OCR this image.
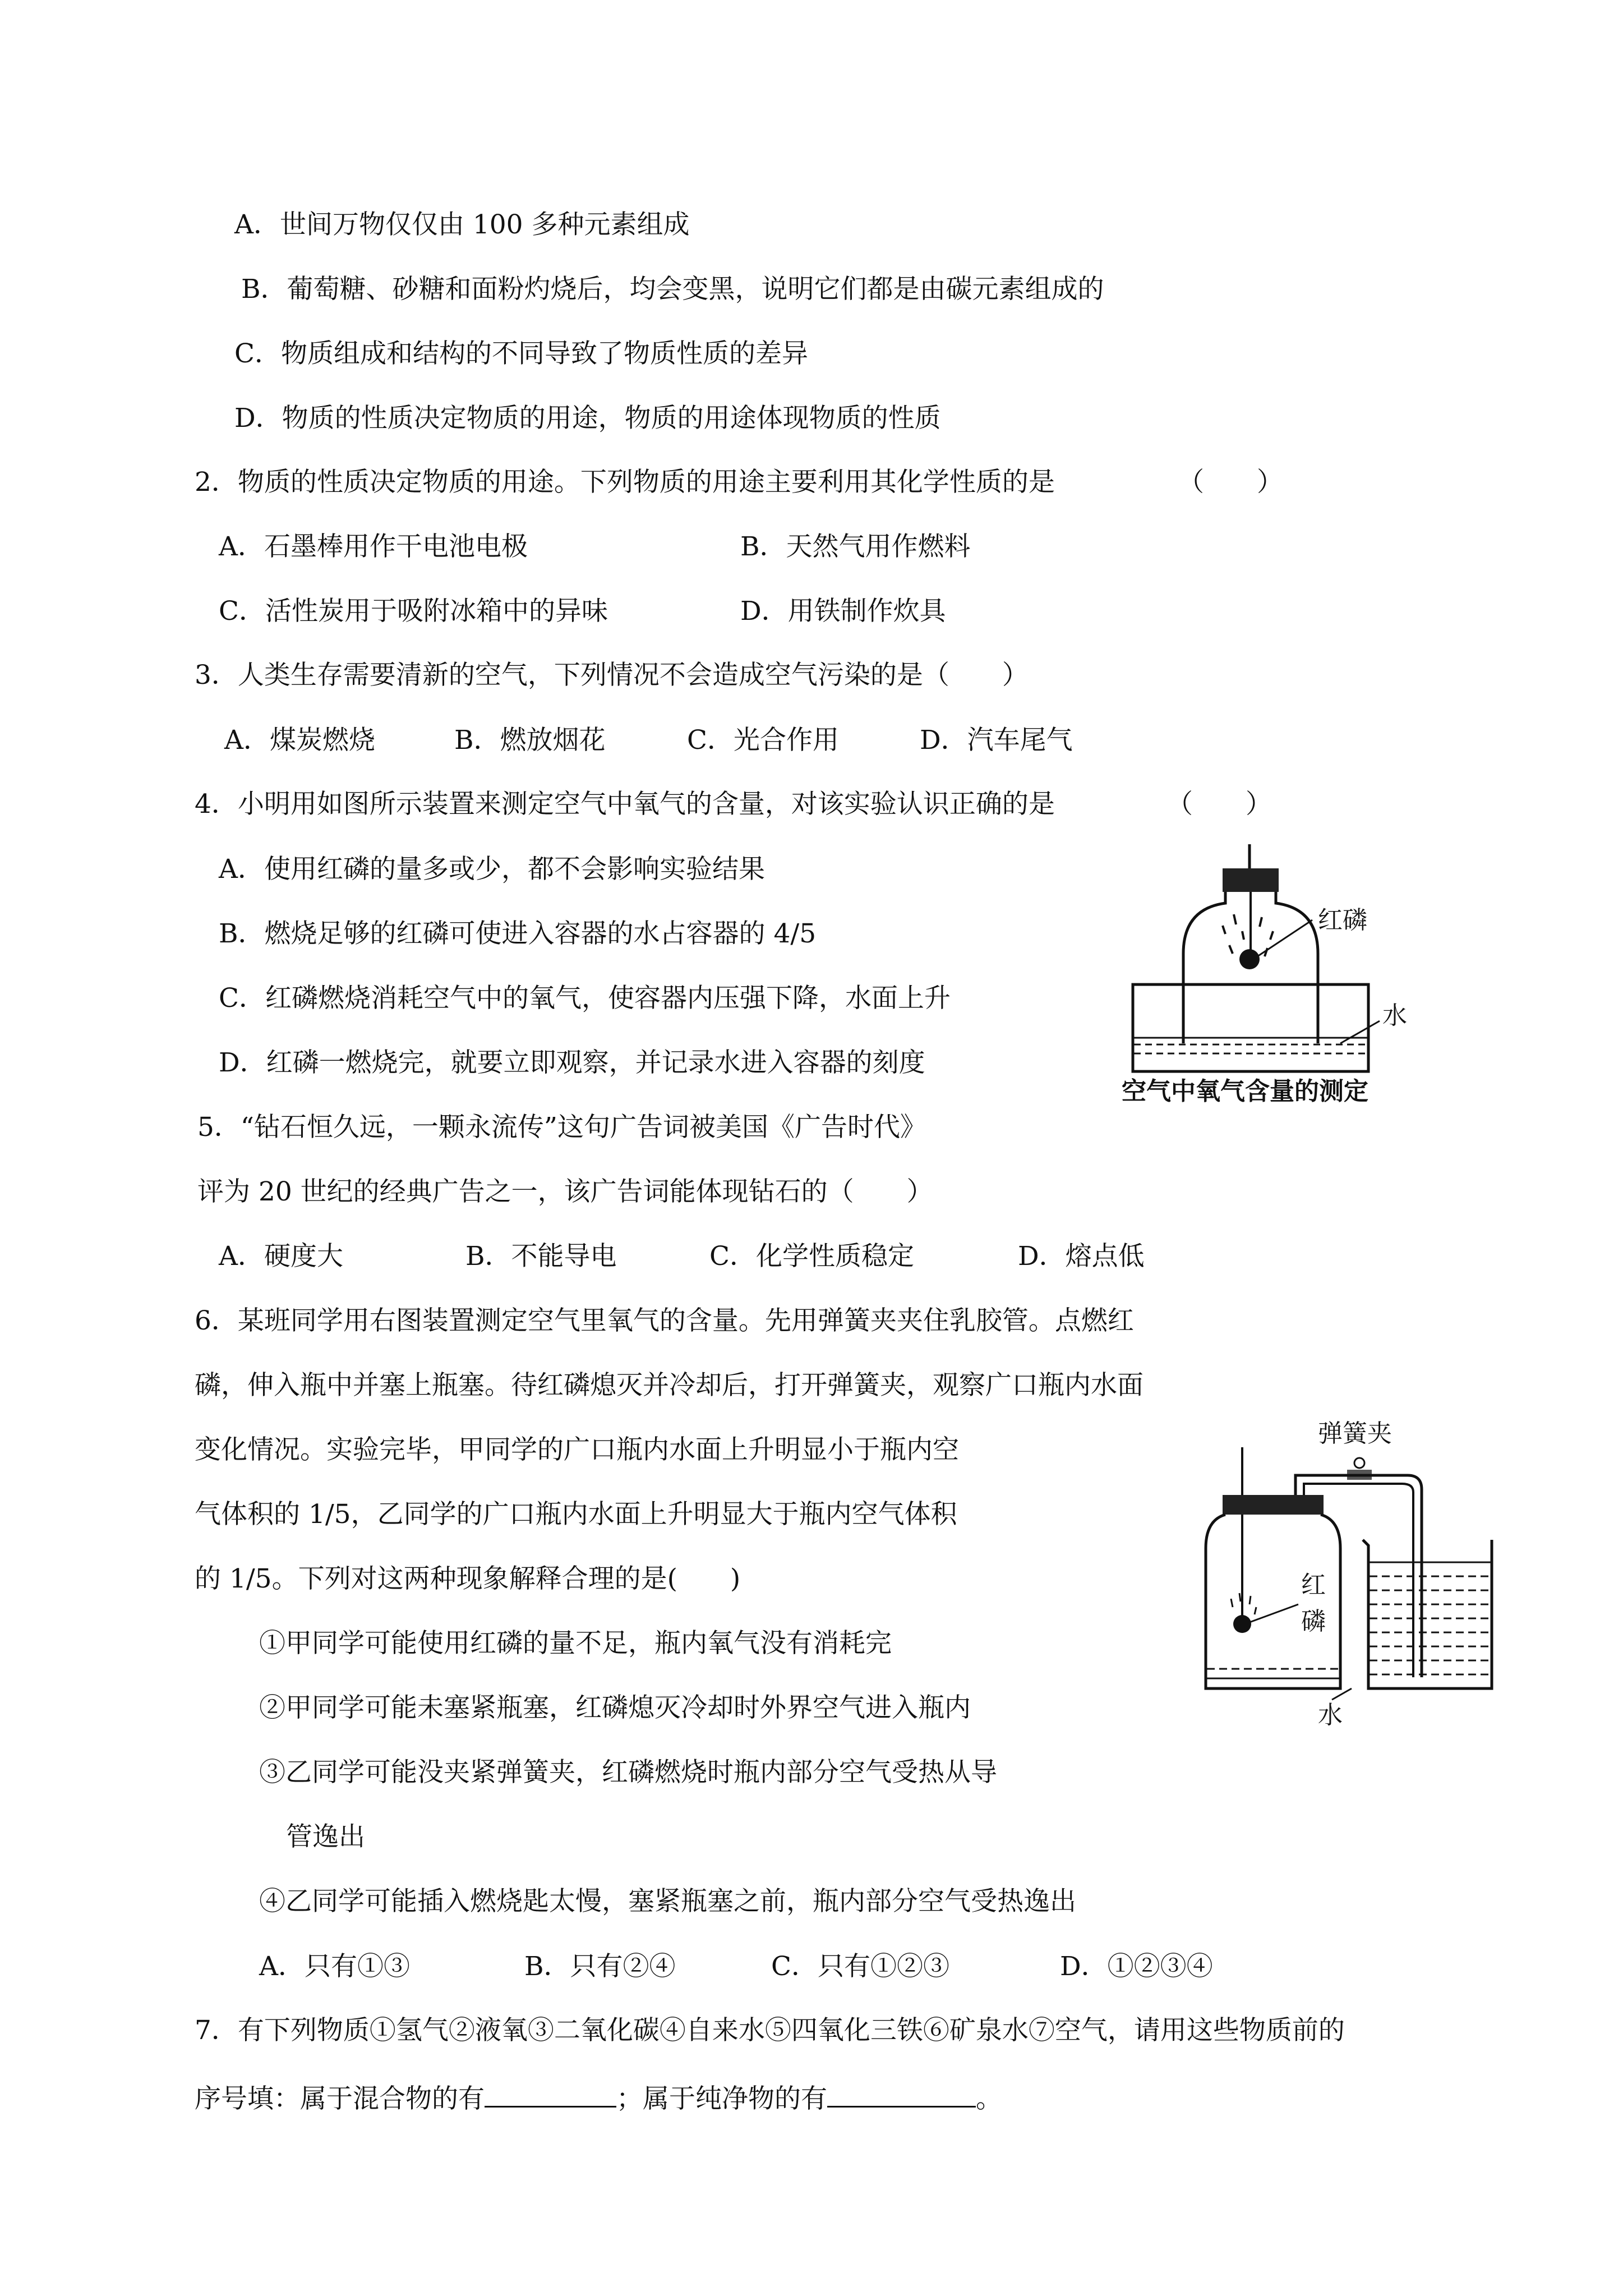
A．世间万物仅仅由 100 多种元素组成
B．葡萄糖、砂糖和面粉灼烧后，均会变黑，说明它们都是由碳元素组成的
C．物质组成和结构的不同导致了物质性质的差异
D．物质的性质决定物质的用途，物质的用途体现物质的性质
2．物质的性质决定物质的用途。下列物质的用途主要利用其化学性质的是	（　　）
A．石墨棒用作干电池电极	B．天然气用作燃料
C．活性炭用于吸附冰箱中的异味	D．用铁制作炊具
3．人类生存需要清新的空气，下列情况不会造成空气污染的是（　　）
A．煤炭燃烧	B．燃放烟花	C．光合作用	D．汽车尾气
4．小明用如图所示装置来测定空气中氧气的含量，对该实验认识正确的是	（　　）
A．使用红磷的量多或少，都不会影响实验结果
B．燃烧足够的红磷可使进入容器的水占容器的 4/5
C．红磷燃烧消耗空气中的氧气，使容器内压强下降，水面上升
D．红磷一燃烧完，就要立即观察，并记录水进入容器的刻度
红磷
水
空气中氧气含量的测定
5．“钻石恒久远，一颗永流传”这句广告词被美国《广告时代》
评为 20 世纪的经典广告之一，该广告词能体现钻石的（　　）
A．硬度大	B．不能导电	C．化学性质稳定	D．熔点低
6．某班同学用右图装置测定空气里氧气的含量。先用弹簧夹夹住乳胶管。点燃红
磷，伸入瓶中并塞上瓶塞。待红磷熄灭并冷却后，打开弹簧夹，观察广口瓶内水面
变化情况。实验完毕，甲同学的广口瓶内水面上升明显小于瓶内空
气体积的 1/5，乙同学的广口瓶内水面上升明显大于瓶内空气体积
的 1/5。下列对这两种现象解释合理的是(　　)
①甲同学可能使用红磷的量不足，瓶内氧气没有消耗完
②甲同学可能未塞紧瓶塞，红磷熄灭冷却时外界空气进入瓶内
③乙同学可能没夹紧弹簧夹，红磷燃烧时瓶内部分空气受热从导
管逸出
④乙同学可能插入燃烧匙太慢，塞紧瓶塞之前，瓶内部分空气受热逸出
A．只有①③	B．只有②④	C．只有①②③	D．①②③④
弹簧夹
红
磷
水
7．有下列物质①氢气②液氧③二氧化碳④自来水⑤四氧化三铁⑥矿泉水⑦空气，请用这些物质前的
序号填：属于混合物的有	；属于纯净物的有	。
